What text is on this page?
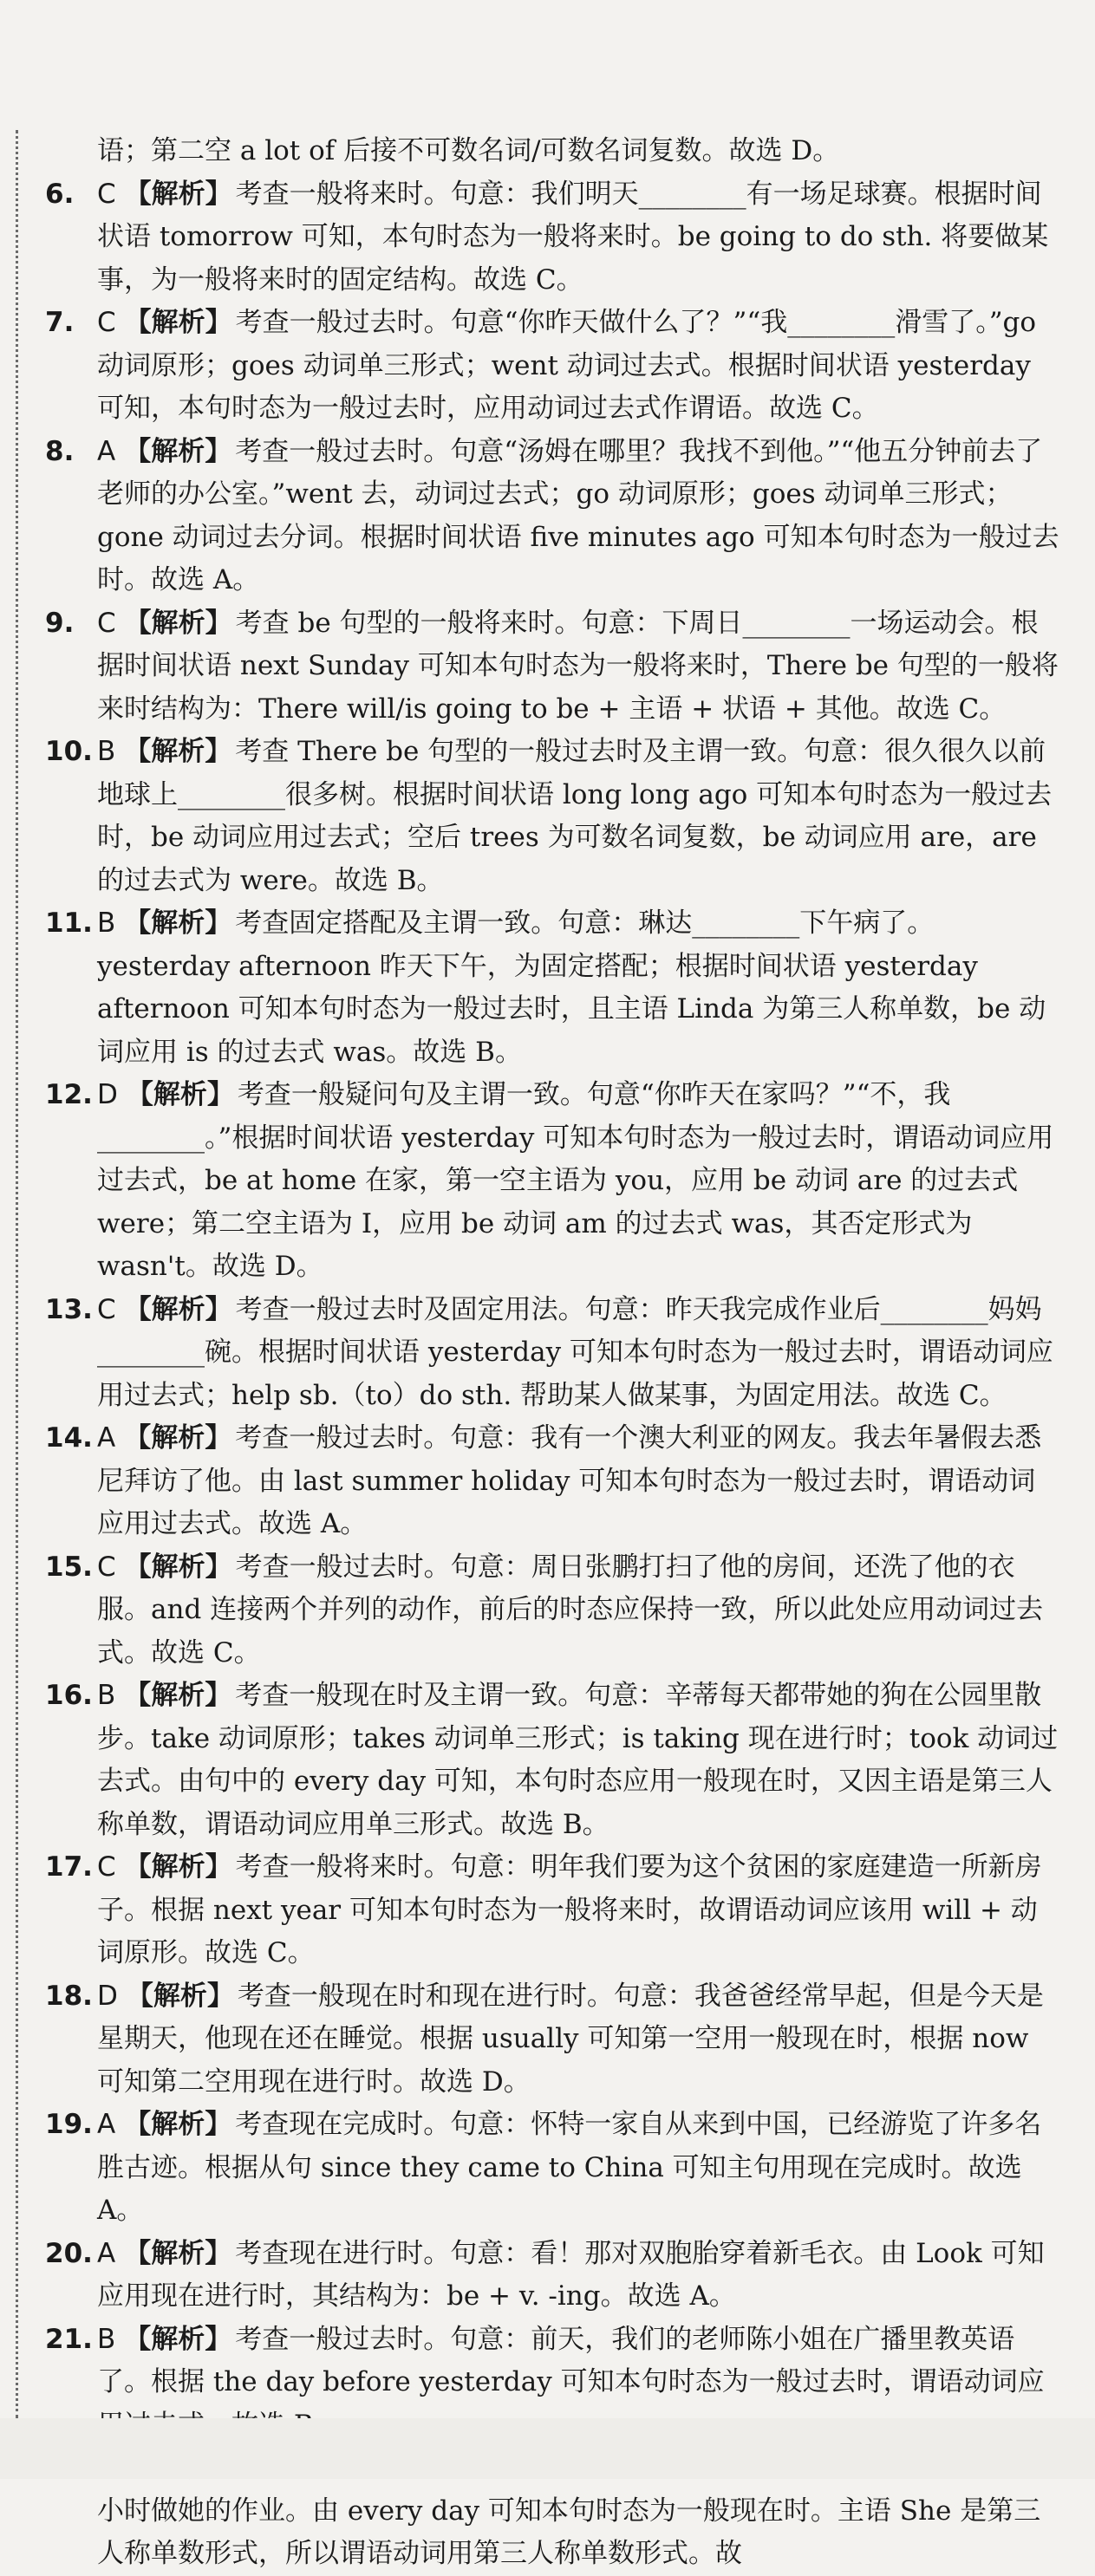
语；第二空 a lot of 后接不可数名词/可数名词复数。故选 D。

6. C 【解析】 考查一般将来时。句意：我们明天________有一场足球赛。根据时间状语 tomorrow 可知，本句时态为一般将来时。be going to do sth. 将要做某事，为一般将来时的固定结构。故选 C。

7. C 【解析】 考查一般过去时。句意“你昨天做什么了？”“我________滑雪了。”go 动词原形；goes 动词单三形式；went 动词过去式。根据时间状语 yesterday 可知，本句时态为一般过去时，应用动词过去式作谓语。故选 C。

8. A 【解析】 考查一般过去时。句意“汤姆在哪里？我找不到他。”“他五分钟前去了老师的办公室。”went 去，动词过去式；go 动词原形；goes 动词单三形式；gone 动词过去分词。根据时间状语 five minutes ago 可知本句时态为一般过去时。故选 A。

9. C 【解析】 考查 be 句型的一般将来时。句意：下周日________一场运动会。根据时间状语 next Sunday 可知本句时态为一般将来时，There be 句型的一般将来时结构为：There will/is going to be + 主语 + 状语 + 其他。故选 C。

10. B 【解析】 考查 There be 句型的一般过去时及主谓一致。句意：很久很久以前地球上________很多树。根据时间状语 long long ago 可知本句时态为一般过去时，be 动词应用过去式；空后 trees 为可数名词复数，be 动词应用 are，are 的过去式为 were。故选 B。

11. B 【解析】 考查固定搭配及主谓一致。句意：琳达________下午病了。yesterday afternoon 昨天下午，为固定搭配；根据时间状语 yesterday afternoon 可知本句时态为一般过去时，且主语 Linda 为第三人称单数，be 动词应用 is 的过去式 was。故选 B。

12. D 【解析】 考查一般疑问句及主谓一致。句意“你昨天在家吗？”“不，我________。”根据时间状语 yesterday 可知本句时态为一般过去时，谓语动词应用过去式，be at home 在家，第一空主语为 you，应用 be 动词 are 的过去式 were；第二空主语为 I，应用 be 动词 am 的过去式 was，其否定形式为 wasn't。故选 D。

13. C 【解析】 考查一般过去时及固定用法。句意：昨天我完成作业后________妈妈________碗。根据时间状语 yesterday 可知本句时态为一般过去时，谓语动词应用过去式；help sb.（to）do sth. 帮助某人做某事，为固定用法。故选 C。

14. A 【解析】 考查一般过去时。句意：我有一个澳大利亚的网友。我去年暑假去悉尼拜访了他。由 last summer holiday 可知本句时态为一般过去时，谓语动词应用过去式。故选 A。

15. C 【解析】 考查一般过去时。句意：周日张鹏打扫了他的房间，还洗了他的衣服。and 连接两个并列的动作，前后的时态应保持一致，所以此处应用动词过去式。故选 C。

16. B 【解析】 考查一般现在时及主谓一致。句意：辛蒂每天都带她的狗在公园里散步。take 动词原形；takes 动词单三形式；is taking 现在进行时；took 动词过去式。由句中的 every day 可知，本句时态应用一般现在时，又因主语是第三人称单数，谓语动词应用单三形式。故选 B。

17. C 【解析】 考查一般将来时。句意：明年我们要为这个贫困的家庭建造一所新房子。根据 next year 可知本句时态为一般将来时，故谓语动词应该用 will + 动词原形。故选 C。

18. D 【解析】 考查一般现在时和现在进行时。句意：我爸爸经常早起，但是今天是星期天，他现在还在睡觉。根据 usually 可知第一空用一般现在时，根据 now 可知第二空用现在进行时。故选 D。

19. A 【解析】 考查现在完成时。句意：怀特一家自从来到中国，已经游览了许多名胜古迹。根据从句 since they came to China 可知主句用现在完成时。故选 A。

20. A 【解析】 考查现在进行时。句意：看！那对双胞胎穿着新毛衣。由 Look 可知应用现在进行时，其结构为：be + v. -ing。故选 A。

21. B 【解析】 考查一般过去时。句意：前天，我们的老师陈小姐在广播里教英语了。根据 the day before yesterday 可知本句时态为一般过去时，谓语动词应

小时做她的作业。由 every day 可知本句时态为一般现在时。主语 She 是第三人称单数形式，所以谓语动词用第三人称单数形式。故
